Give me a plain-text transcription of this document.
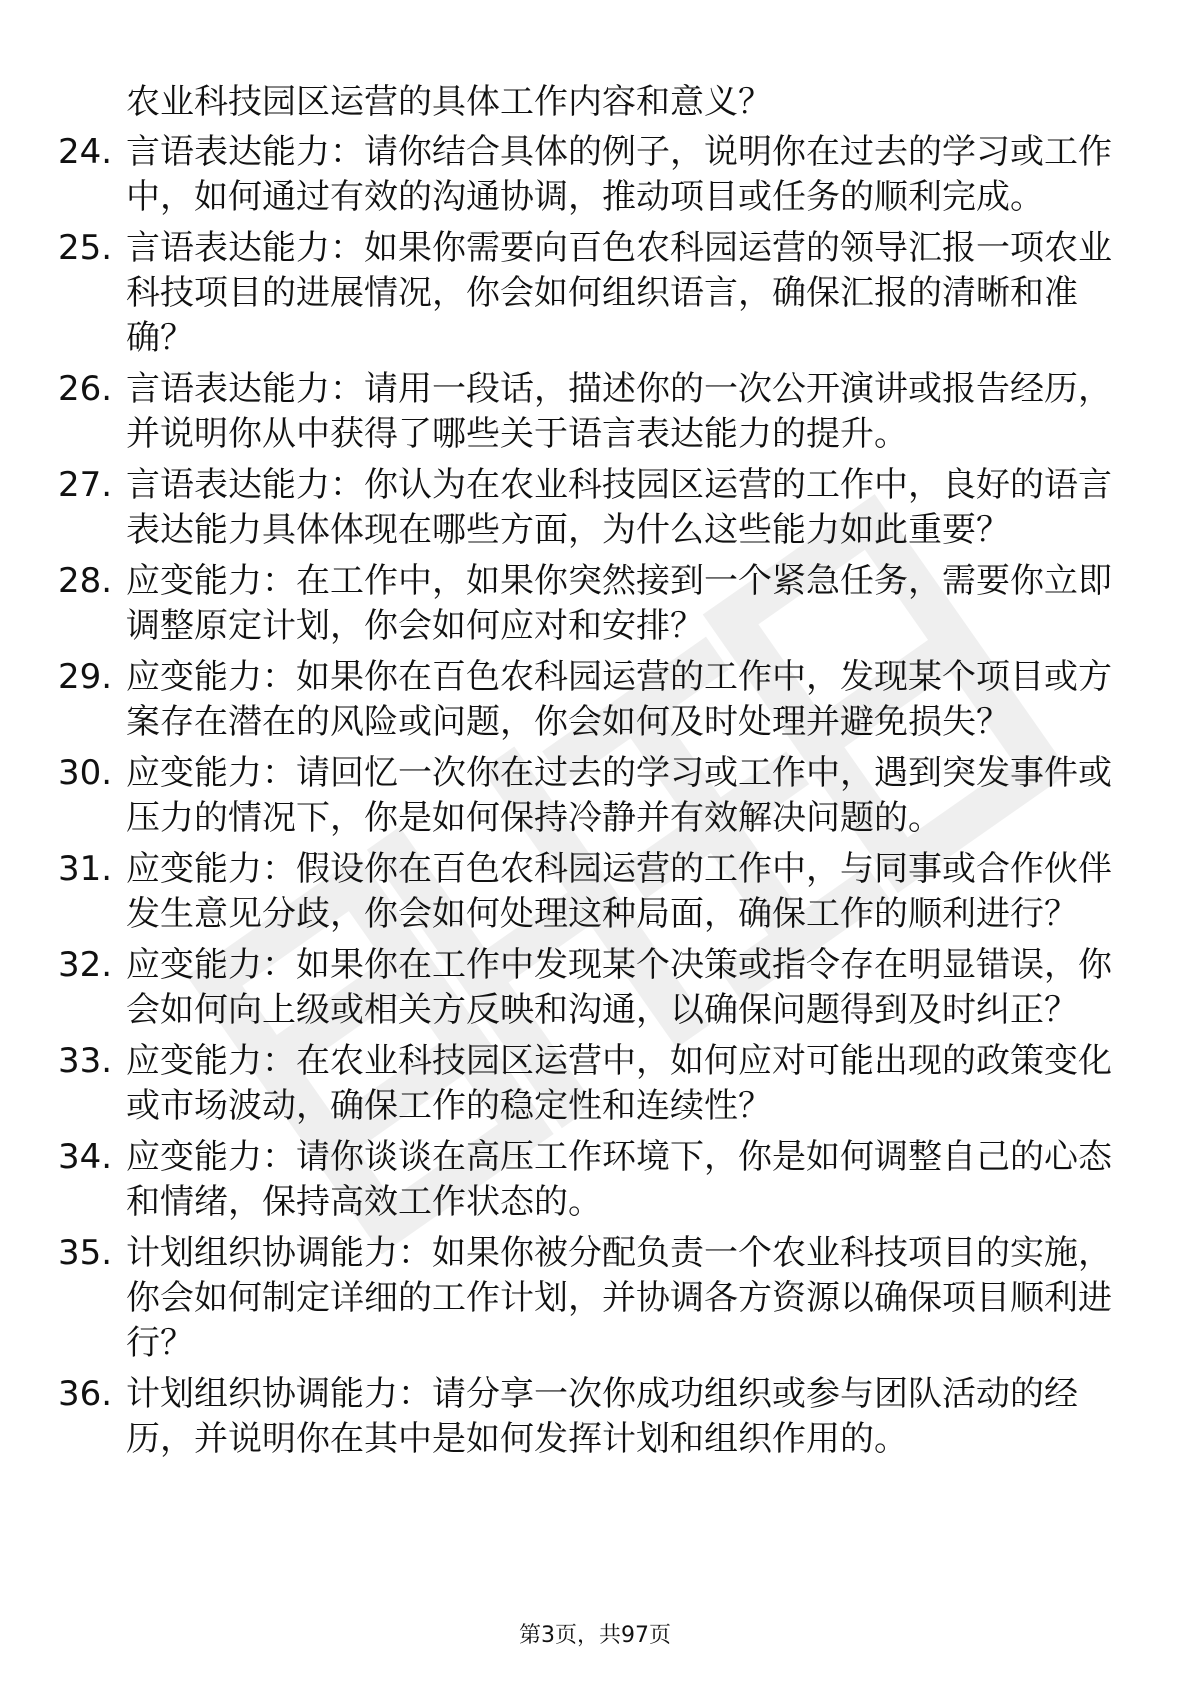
农业科技园区运营的具体工作内容和意义？

24. 言语表达能力：请你结合具体的例子，说明你在过去的学习或工作中，如何通过有效的沟通协调，推动项目或任务的顺利完成。
25. 言语表达能力：如果你需要向百色农科园运营的领导汇报一项农业科技项目的进展情况，你会如何组织语言，确保汇报的清晰和准确？
26. 言语表达能力：请用一段话，描述你的一次公开演讲或报告经历，并说明你从中获得了哪些关于语言表达能力的提升。
27. 言语表达能力：你认为在农业科技园区运营的工作中，良好的语言表达能力具体体现在哪些方面，为什么这些能力如此重要？
28. 应变能力：在工作中，如果你突然接到一个紧急任务，需要你立即调整原定计划，你会如何应对和安排？
29. 应变能力：如果你在百色农科园运营的工作中，发现某个项目或方案存在潜在的风险或问题，你会如何及时处理并避免损失？
30. 应变能力：请回忆一次你在过去的学习或工作中，遇到突发事件或压力的情况下，你是如何保持冷静并有效解决问题的。
31. 应变能力：假设你在百色农科园运营的工作中，与同事或合作伙伴发生意见分歧，你会如何处理这种局面，确保工作的顺利进行？
32. 应变能力：如果你在工作中发现某个决策或指令存在明显错误，你会如何向上级或相关方反映和沟通，以确保问题得到及时纠正？
33. 应变能力：在农业科技园区运营中，如何应对可能出现的政策变化或市场波动，确保工作的稳定性和连续性？
34. 应变能力：请你谈谈在高压工作环境下，你是如何调整自己的心态和情绪，保持高效工作状态的。
35. 计划组织协调能力：如果你被分配负责一个农业科技项目的实施，你会如何制定详细的工作计划，并协调各方资源以确保项目顺利进行？
36. 计划组织协调能力：请分享一次你成功组织或参与团队活动的经历，并说明你在其中是如何发挥计划和组织作用的。
第3页，共97页
